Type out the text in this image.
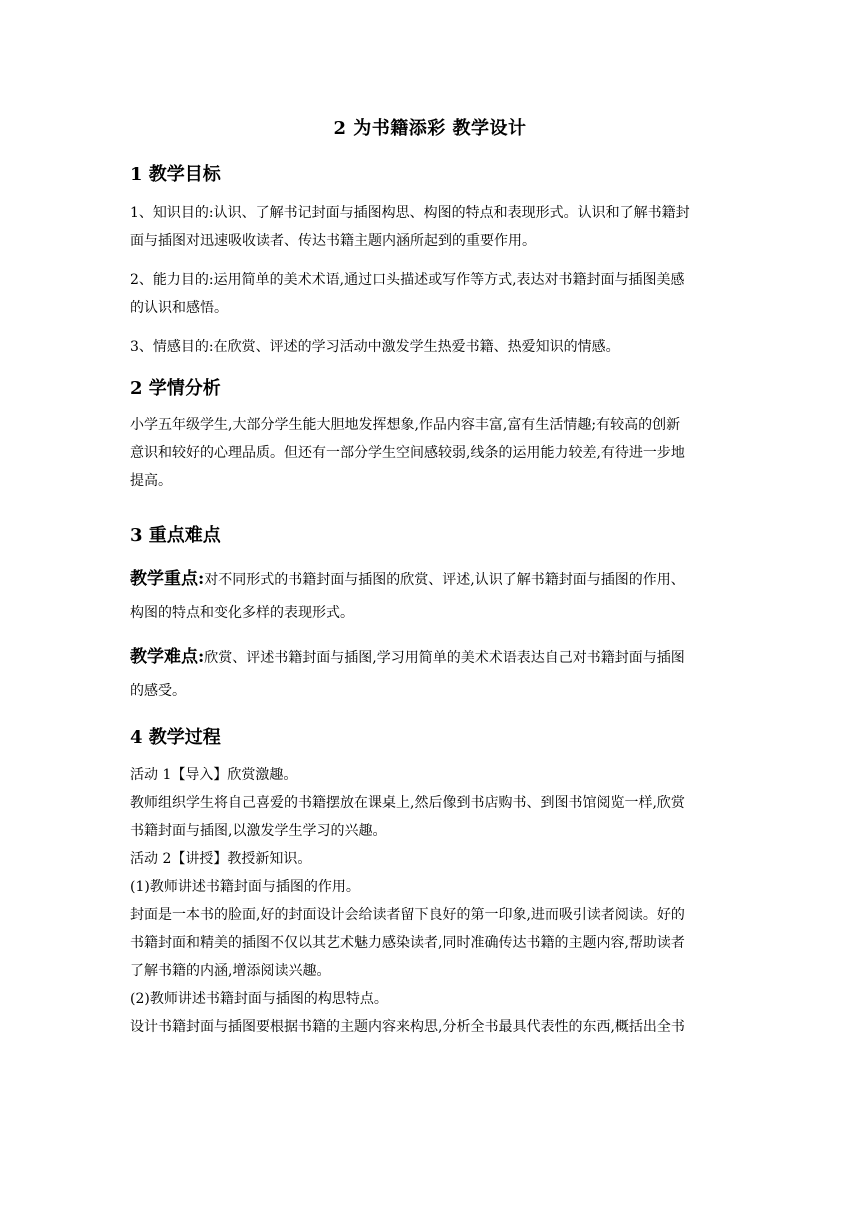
2 为书籍添彩 教学设计
1 教学目标
1、知识目的:认识、了解书记封面与插图构思、构图的特点和表现形式。认识和了解书籍封
面与插图对迅速吸收读者、传达书籍主题内涵所起到的重要作用。
2、能力目的:运用简单的美术术语,通过口头描述或写作等方式,表达对书籍封面与插图美感
的认识和感悟。
3、情感目的:在欣赏、评述的学习活动中激发学生热爱书籍、热爱知识的情感。
2 学情分析
小学五年级学生,大部分学生能大胆地发挥想象,作品内容丰富,富有生活情趣;有较高的创新
意识和较好的心理品质。但还有一部分学生空间感较弱,线条的运用能力较差,有待进一步地
提高。
3 重点难点
教学重点:对不同形式的书籍封面与插图的欣赏、评述,认识了解书籍封面与插图的作用、
构图的特点和变化多样的表现形式。
教学难点:欣赏、评述书籍封面与插图,学习用简单的美术术语表达自己对书籍封面与插图
的感受。
4 教学过程
活动 1【导入】欣赏激趣。
教师组织学生将自己喜爱的书籍摆放在课桌上,然后像到书店购书、到图书馆阅览一样,欣赏
书籍封面与插图,以激发学生学习的兴趣。
活动 2【讲授】教授新知识。
(1)教师讲述书籍封面与插图的作用。
封面是一本书的脸面,好的封面设计会给读者留下良好的第一印象,进而吸引读者阅读。好的
书籍封面和精美的插图不仅以其艺术魅力感染读者,同时准确传达书籍的主题内容,帮助读者
了解书籍的内涵,增添阅读兴趣。
(2)教师讲述书籍封面与插图的构思特点。
设计书籍封面与插图要根据书籍的主题内容来构思,分析全书最具代表性的东西,概括出全书
